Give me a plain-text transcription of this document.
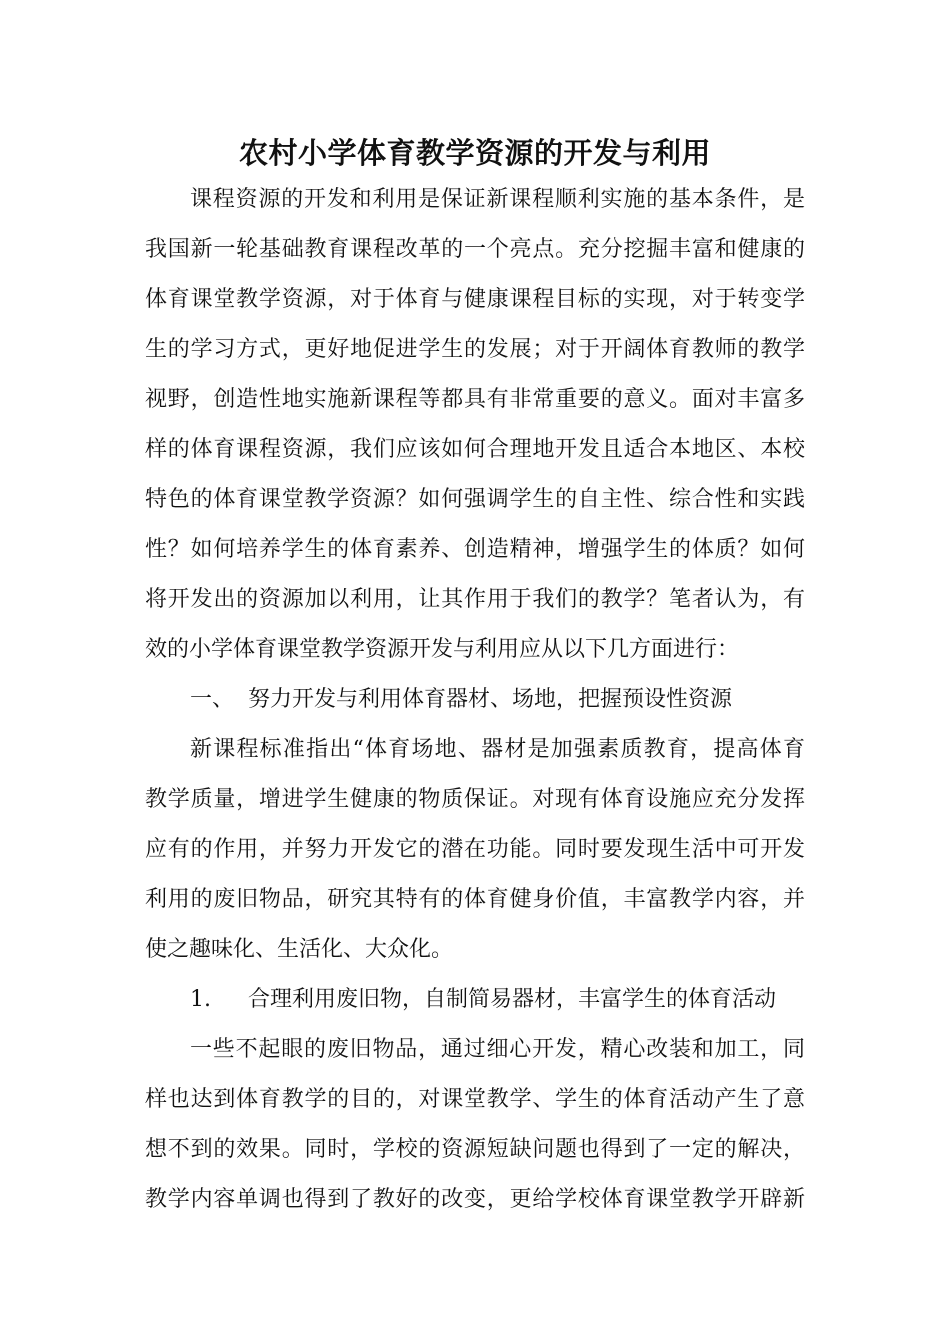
农村小学体育教学资源的开发与利用

课程资源的开发和利用是保证新课程顺利实施的基本条件，是

我国新一轮基础教育课程改革的一个亮点。充分挖掘丰富和健康的

体育课堂教学资源，对于体育与健康课程目标的实现，对于转变学

生的学习方式，更好地促进学生的发展；对于开阔体育教师的教学

视野，创造性地实施新课程等都具有非常重要的意义。面对丰富多

样的体育课程资源，我们应该如何合理地开发且适合本地区、本校

特色的体育课堂教学资源？如何强调学生的自主性、综合性和实践

性？如何培养学生的体育素养、创造精神，增强学生的体质？如何

将开发出的资源加以利用，让其作用于我们的教学？笔者认为，有

效的小学体育课堂教学资源开发与利用应从以下几方面进行：

一、 努力开发与利用体育器材、场地，把握预设性资源

新课程标准指出“体育场地、器材是加强素质教育，提高体育

教学质量，增进学生健康的物质保证。对现有体育设施应充分发挥

应有的作用，并努力开发它的潜在功能。同时要发现生活中可开发

利用的废旧物品，研究其特有的体育健身价值，丰富教学内容，并

使之趣味化、生活化、大众化。

1. 合理利用废旧物，自制简易器材，丰富学生的体育活动

一些不起眼的废旧物品，通过细心开发，精心改装和加工，同

样也达到体育教学的目的，对课堂教学、学生的体育活动产生了意

想不到的效果。同时，学校的资源短缺问题也得到了一定的解决，

教学内容单调也得到了教好的改变，更给学校体育课堂教学开辟新
